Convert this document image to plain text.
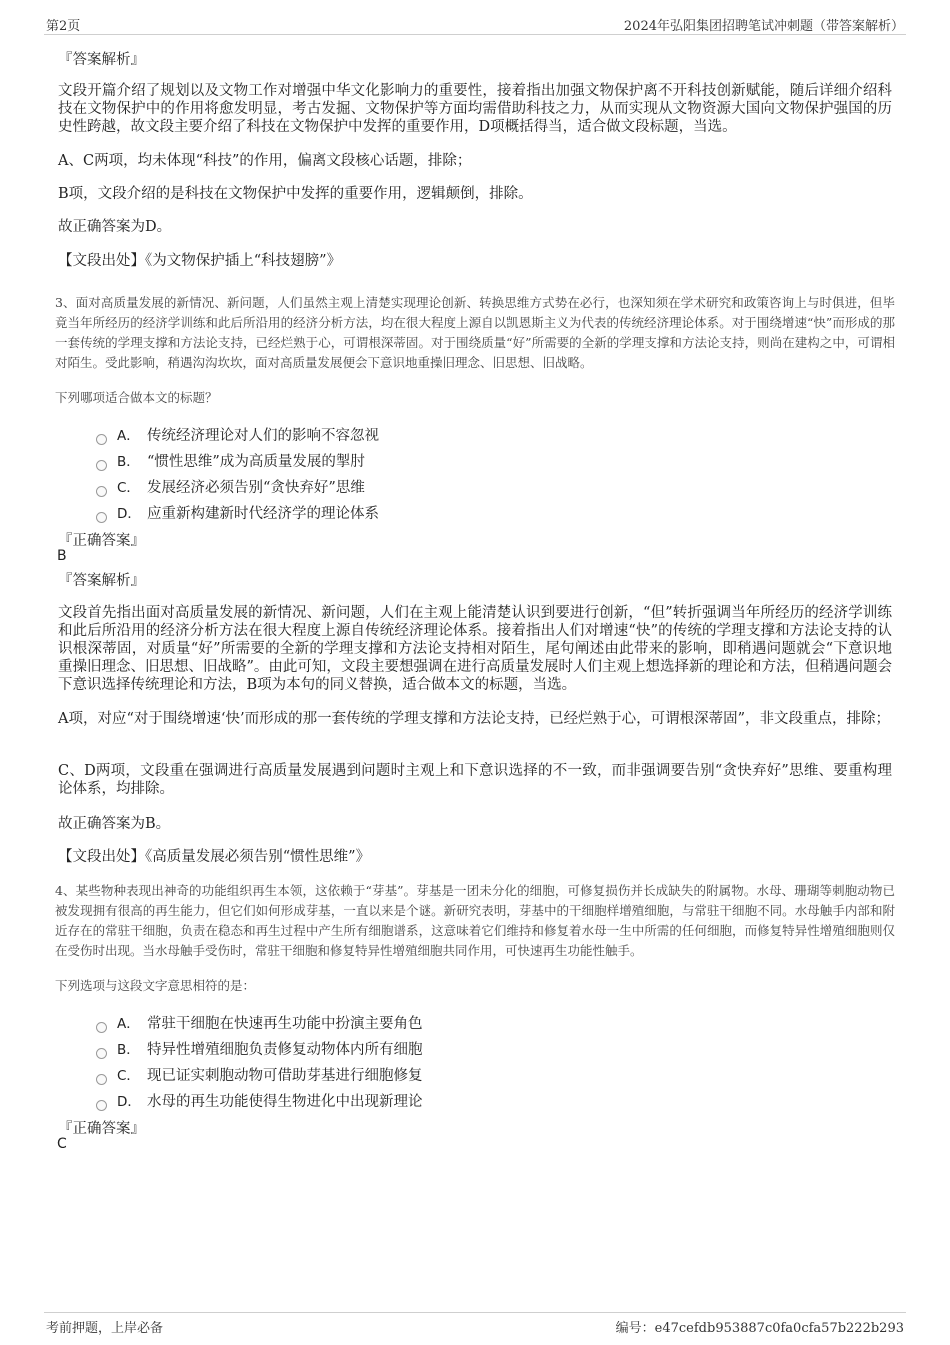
第2页	2024年弘阳集团招聘笔试冲刺题（带答案解析）
『答案解析』
文段开篇介绍了规划以及文物工作对增强中华文化影响力的重要性，接着指出加强文物保护离不开科技创新赋能，随后详细介绍科技在文物保护中的作用将愈发明显，考古发掘、文物保护等方面均需借助科技之力，从而实现从文物资源大国向文物保护强国的历史性跨越，故文段主要介绍了科技在文物保护中发挥的重要作用，D项概括得当，适合做文段标题，当选。
A、C两项，均未体现“科技”的作用，偏离文段核心话题，排除；
B项，文段介绍的是科技在文物保护中发挥的重要作用，逻辑颠倒，排除。
故正确答案为D。
【文段出处】《为文物保护插上“科技翅膀”》
3、面对高质量发展的新情况、新问题，人们虽然主观上清楚实现理论创新、转换思维方式势在必行，也深知须在学术研究和政策咨询上与时俱进，但毕竟当年所经历的经济学训练和此后所沿用的经济分析方法，均在很大程度上源自以凯恩斯主义为代表的传统经济理论体系。对于围绕增速“快”而形成的那一套传统的学理支撑和方法论支持，已经烂熟于心，可谓根深蒂固。对于围绕质量“好”所需要的全新的学理支撑和方法论支持，则尚在建构之中，可谓相对陌生。受此影响，稍遇沟沟坎坎，面对高质量发展便会下意识地重操旧理念、旧思想、旧战略。
下列哪项适合做本文的标题？
A． 传统经济理论对人们的影响不容忽视
B． “惯性思维”成为高质量发展的掣肘
C． 发展经济必须告别“贪快弃好”思维
D． 应重新构建新时代经济学的理论体系
『正确答案』
B
『答案解析』
文段首先指出面对高质量发展的新情况、新问题，人们在主观上能清楚认识到要进行创新，“但”转折强调当年所经历的经济学训练和此后所沿用的经济分析方法在很大程度上源自传统经济理论体系。接着指出人们对增速“快”的传统的学理支撑和方法论支持的认识根深蒂固，对质量“好”所需要的全新的学理支撑和方法论支持相对陌生，尾句阐述由此带来的影响，即稍遇问题就会“下意识地重操旧理念、旧思想、旧战略”。由此可知，文段主要想强调在进行高质量发展时人们主观上想选择新的理论和方法，但稍遇问题会下意识选择传统理论和方法，B项为本句的同义替换，适合做本文的标题，当选。
A项，对应“对于围绕增速‘快’而形成的那一套传统的学理支撑和方法论支持，已经烂熟于心，可谓根深蒂固”，非文段重点，排除；
C、D两项，文段重在强调进行高质量发展遇到问题时主观上和下意识选择的不一致，而非强调要告别“贪快弃好”思维、要重构理论体系，均排除。
故正确答案为B。
【文段出处】《高质量发展必须告别“惯性思维”》
4、某些物种表现出神奇的功能组织再生本领，这依赖于“芽基”。芽基是一团未分化的细胞，可修复损伤并长成缺失的附属物。水母、珊瑚等刺胞动物已被发现拥有很高的再生能力，但它们如何形成芽基，一直以来是个谜。新研究表明，芽基中的干细胞样增殖细胞，与常驻干细胞不同。水母触手内部和附近存在的常驻干细胞，负责在稳态和再生过程中产生所有细胞谱系，这意味着它们维持和修复着水母一生中所需的任何细胞，而修复特异性增殖细胞则仅在受伤时出现。当水母触手受伤时，常驻干细胞和修复特异性增殖细胞共同作用，可快速再生功能性触手。
下列选项与这段文字意思相符的是：
A． 常驻干细胞在快速再生功能中扮演主要角色
B． 特异性增殖细胞负责修复动物体内所有细胞
C． 现已证实刺胞动物可借助芽基进行细胞修复
D． 水母的再生功能使得生物进化中出现新理论
『正确答案』
C
考前押题，上岸必备	编号：e47cefdb953887c0fa0cfa57b222b293
